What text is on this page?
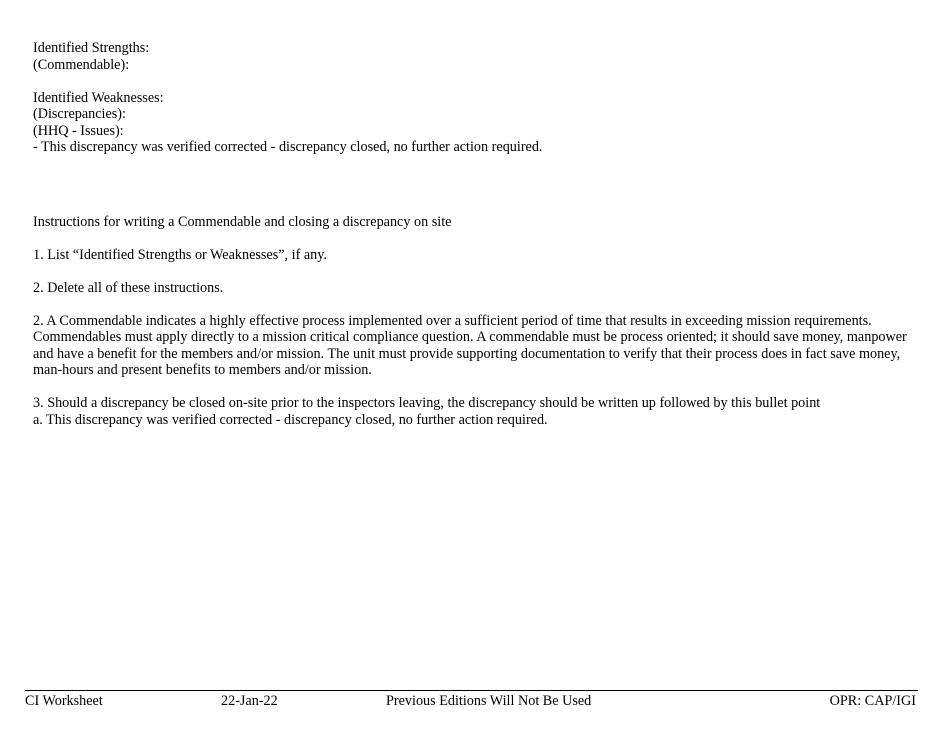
Identified Strengths:
(Commendable):
Identified Weaknesses:
(Discrepancies):
(HHQ - Issues):
- This discrepancy was verified corrected - discrepancy closed, no further action required.
Instructions for writing a Commendable and closing a discrepancy on site
1. List “Identified Strengths or Weaknesses”, if any.
2. Delete all of these instructions.
2. A Commendable indicates a highly effective process implemented over a sufficient period of time that results in exceeding mission requirements. Commendables must apply directly to a mission critical compliance question. A commendable must be process oriented; it should save money, manpower and have a benefit for the members and/or mission. The unit must provide supporting documentation to verify that their process does in fact save money, man-hours and present benefits to members and/or mission.
3. Should a discrepancy be closed on-site prior to the inspectors leaving, the discrepancy should be written up followed by this bullet point
a. This discrepancy was verified corrected - discrepancy closed, no further action required.
CI Worksheet	22-Jan-22	Previous Editions Will Not Be Used	OPR: CAP/IGI
